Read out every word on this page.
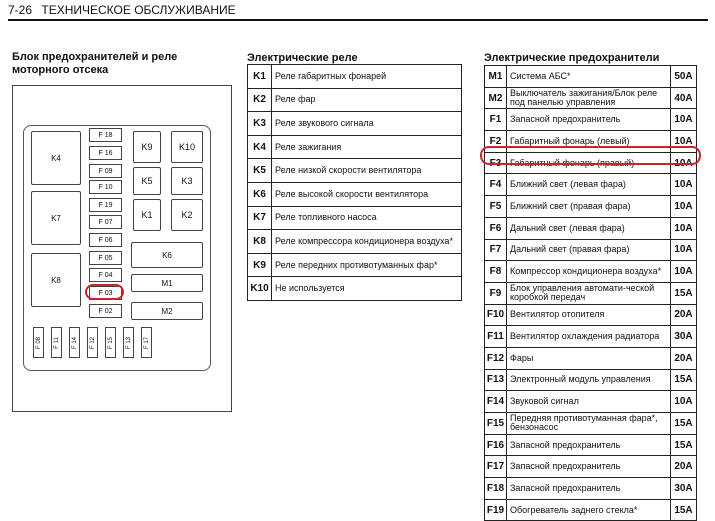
7-26 ТЕХНИЧЕСКОЕ ОБСЛУЖИВАНИЕ
Блок предохранителей и реле
моторного отсека
Электрические реле	Электрические предохранители
K4
K7
K8
F 18
F 16
F 09
F 10
F 19
F 07
F 06
F 05
F 04
F 03
F 02
K9	K10
K5	K3
K1	K2
K6
M1
M2
F 08 F 11 F 14 F 12 F 15 F 13 F 17
K1	Реле габаритных фонарей
K2	Реле фар
K3	Реле звукового сигнала
K4	Реле зажигания
K5	Реле низкой скорости вентилятора
K6	Реле высокой скорости вентилятора
K7	Реле топливного насоса
K8	Реле компрессора кондиционера воздуха*
K9	Реле передних противотуманных фар*
K10	Не используется
M1	Система АБС*	50A
M2	Выключатель зажигания/Блок реле под панелью управления	40A
F1	Запасной предохранитель	10A
F2	Габаритный фонарь (левый)	10A
F3	Габаритный фонарь (правый)	10A
F4	Ближний свет (левая фара)	10A
F5	Ближний свет (правая фара)	10A
F6	Дальний свет (левая фара)	10A
F7	Дальний свет (правая фара)	10A
F8	Компрессор кондиционера воздуха*	10A
F9	Блок управления автомати-ческой коробкой передач	15A
F10	Вентилятор отопителя	20A
F11	Вентилятор охлаждения радиатора	30A
F12	Фары	20A
F13	Электронный модуль управления	15A
F14	Звуковой сигнал	10A
F15	Передняя противотуманная фара*, бензонасос	15A
F16	Запасной предохранитель	15A
F17	Запасной предохранитель	20A
F18	Запасной предохранитель	30A
F19	Обогреватель заднего стекла*	15A
